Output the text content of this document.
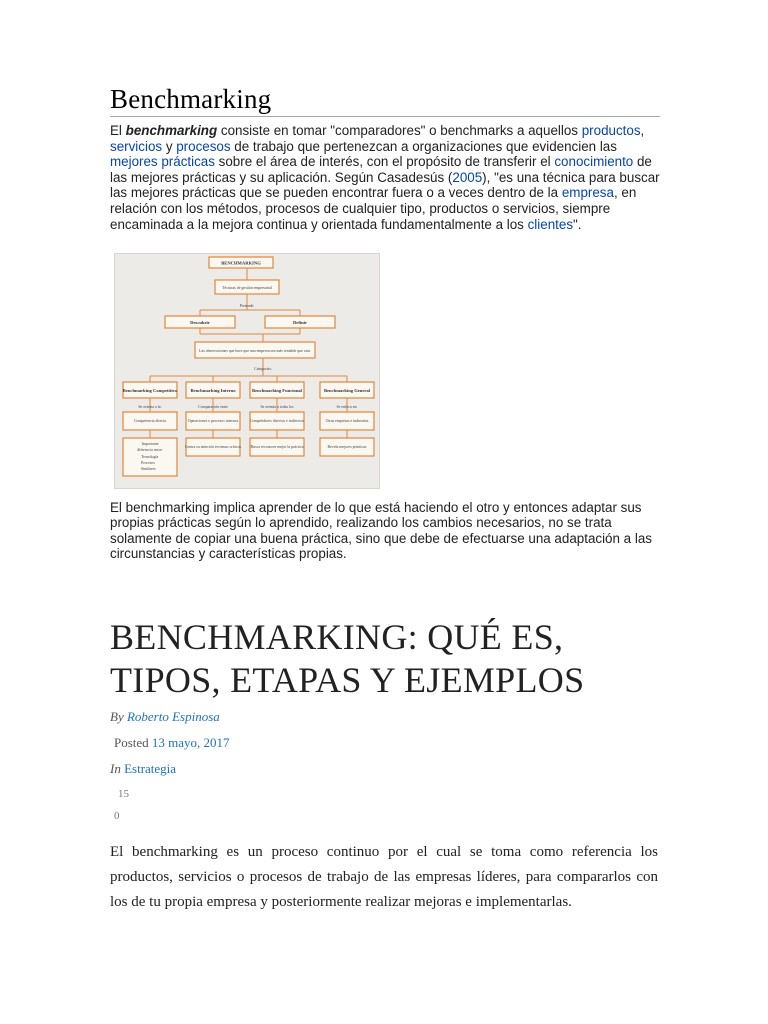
Benchmarking

El benchmarking consiste en tomar "comparadores" o benchmarks a aquellos productos, servicios y procesos de trabajo que pertenezcan a organizaciones que evidencien las mejores prácticas sobre el área de interés, con el propósito de transferir el conocimiento de las mejores prácticas y su aplicación. Según Casadesús (2005), "es una técnica para buscar las mejores prácticas que se pueden encontrar fuera o a veces dentro de la empresa, en relación con los métodos, procesos de cualquier tipo, productos o servicios, siempre encaminada a la mejora continua y orientada fundamentalmente a los clientes".

BENCHMARKING
Técnicas de gestión empresarial
Pretende:
Descubrir	Definir
Las observaciones que hace que una empresa sea más rentable que otra.
Categorías:
Benchmarking Competitivo	Benchmarking Interno	Benchmarking Funcional	Benchmarking General
Se orienta a la:	Comparación entre	Se orienta a todas los	Se enfoca en:
Competencia directa	Operaciones o procesos internos	Competidores directos e indirectos	Otras empresas e industrias
Importante
diferencia entre:
Tecnología
Procesos
Similares
Centra su atención en temas críticos Busca reconocer mejor la práctica	Revela mejores prácticas

El benchmarking implica aprender de lo que está haciendo el otro y entonces adaptar sus propias prácticas según lo aprendido, realizando los cambios necesarios, no se trata solamente de copiar una buena práctica, sino que debe de efectuarse una adaptación a las circunstancias y características propias.

BENCHMARKING: QUÉ ES, TIPOS, ETAPAS Y EJEMPLOS
By Roberto Espinosa
Posted 13 mayo, 2017
In Estrategia
15
0

El benchmarking es un proceso continuo por el cual se toma como referencia los productos, servicios o procesos de trabajo de las empresas líderes, para compararlos con los de tu propia empresa y posteriormente realizar mejoras e implementarlas.
